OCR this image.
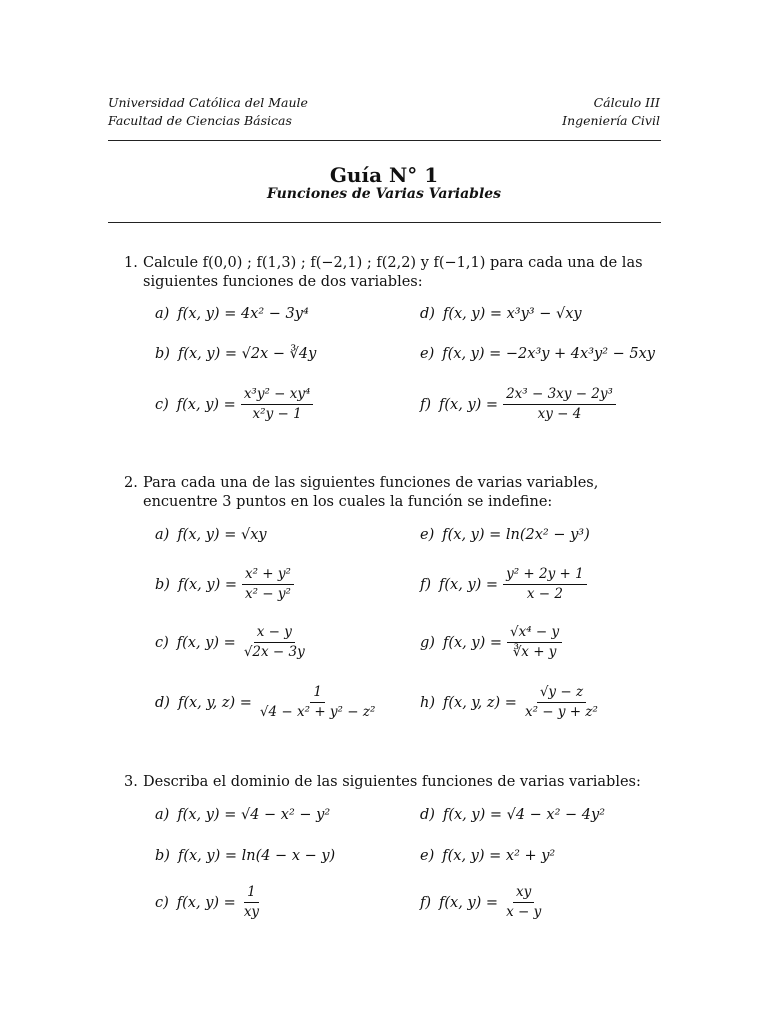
Universidad Católica del Maule
Facultad de Ciencias Básicas
Cálculo III
Ingeniería Civil
Guía N° 1
Funciones de Varias Variables
1. Calcule f(0,0) ; f(1,3) ; f(−2,1) ; f(2,2) y f(−1,1) para cada una de las siguientes funciones de dos variables:
a) f(x, y) = 4x² − 3y⁴
b) f(x, y) = √2x − ∛4y
c) f(x, $y) = \frac{\text{x³y² − xy⁴}}{\text{x²y − 1}}$
d) f(x, y) = x³y³ − √xy
e) f(x, y) = −2x³y + 4x³y² − 5xy
f) f(x, $y) = \frac{\text{2x³ − 3xy − 2y³}}{xy - 4}$
2. Para cada una de las siguientes funciones de varias variables, encuentre 3 puntos en los cuales la función se indefine:
a) f(x, y) = √xy
b) f(x, $y) = \frac{\text{x² + y²}}{\text{x² − y²}}$
c) f(x, $y) = \frac{x - y}{√2x - 3y}$
d) f(x, y, $z) = \frac{1}{\text{√4 − x² + y² − z²}}$
e) f(x, y) = ln(2x² − y³)
f) f(x, $y) = \frac{\text{y² + 2y + 1}}{x - 2}$
g) f(x, $y) = \frac{\text{√x⁴ − y}}{∛x + y}$
h) f(x, y, $z) = \frac{√y - z}{\text{x² − y + z²}}$
3. Describa el dominio de las siguientes funciones de varias variables:
a) f(x, y) = √4 − x² − y²
b) f(x, y) = ln(4 − x − y)
c) f(x, $y) = \frac{1}{xy}$
d) f(x, y) = √4 − x² − 4y²
e) f(x, y) = x² + y²
f) f(x, $y) = \frac{xy}{x - y}$
